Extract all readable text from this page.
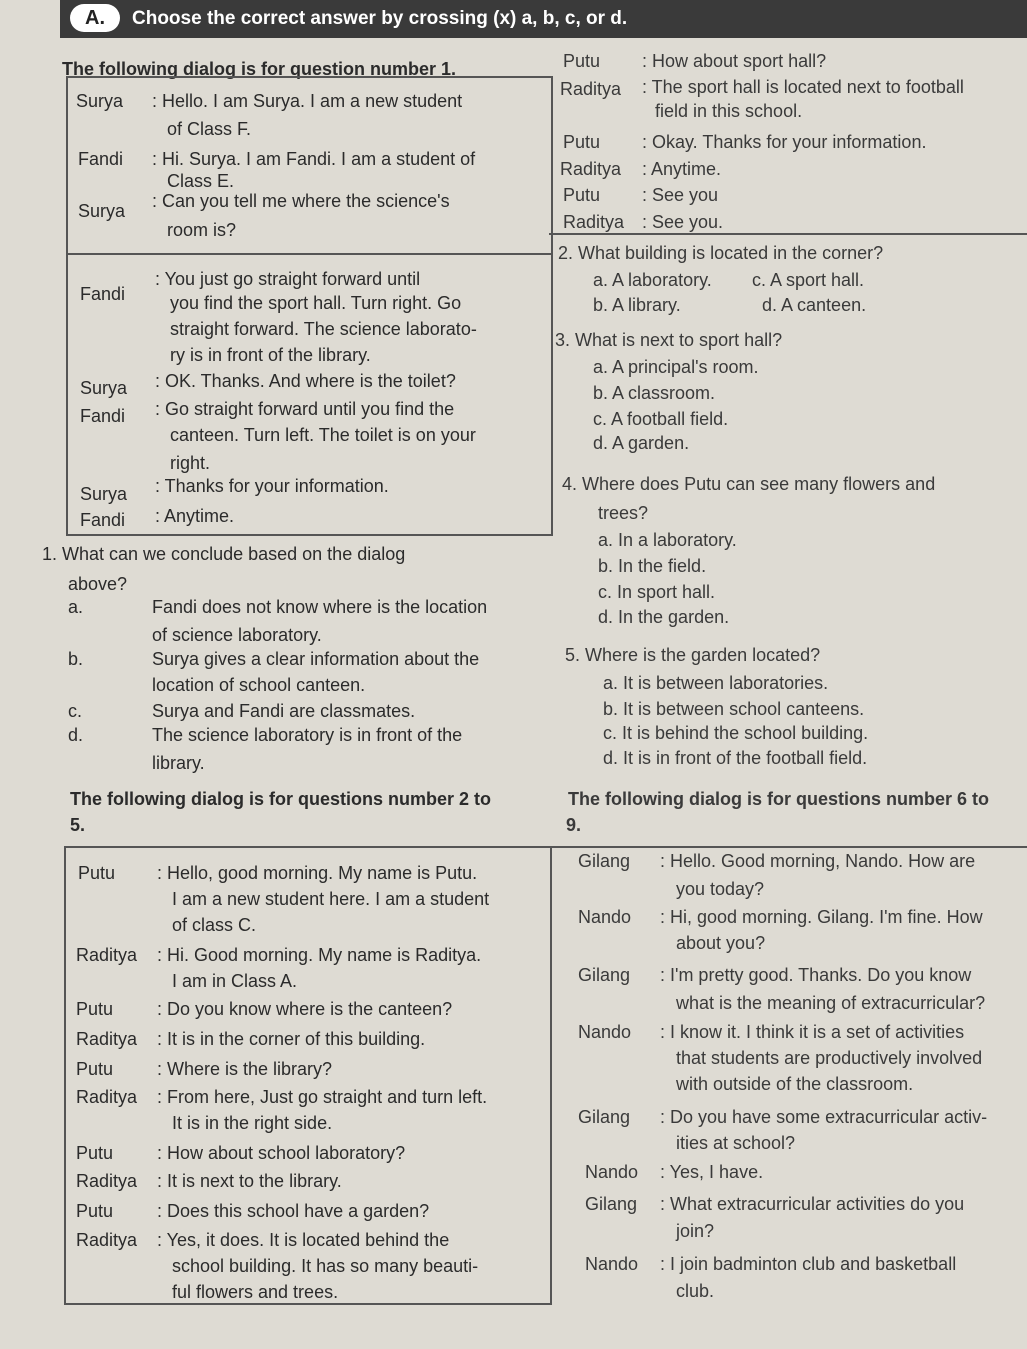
A.	Choose the correct answer by crossing (x) a, b, c, or d.
The following dialog is for question number 1.
Surya : Hello. I am Surya. I am a new student
of Class F.
Fandi : Hi. Surya. I am Fandi. I am a student of
Class E.
Surya : Can you tell me where the science's
room is?
Fandi
: You just go straight forward until
you find the sport hall. Turn right. Go
straight forward. The science laborato-
ry is in front of the library.
Surya : OK. Thanks. And where is the toilet?
Fandi : Go straight forward until you find the
canteen. Turn left. The toilet is on your
right.
Surya : Thanks for your information.
Fandi : Anytime.
1. What can we conclude based on the dialog
above?
a.	Fandi does not know where is the location
of science laboratory.
b.	Surya gives a clear information about the
location of school canteen.
c.	Surya and Fandi are classmates.
d.	The science laboratory is in front of the
library.
The following dialog is for questions number 2 to
5.
Putu : Hello, good morning. My name is Putu.
I am a new student here. I am a student
of class C.
Raditya : Hi. Good morning. My name is Raditya.
I am in Class A.
Putu : Do you know where is the canteen?
Raditya : It is in the corner of this building.
Putu : Where is the library?
Raditya : From here, Just go straight and turn left.
It is in the right side.
Putu : How about school laboratory?
Raditya : It is next to the library.
Putu : Does this school have a garden?
Raditya : Yes, it does. It is located behind the
school building. It has so many beauti-
ful flowers and trees.
Putu : How about sport hall?
Raditya : The sport hall is located next to football
field in this school.
Putu : Okay. Thanks for your information.
Raditya : Anytime.
Putu : See you
Raditya : See you.
2. What building is located in the corner?
a. A laboratory. c. A sport hall.
b. A library.	d. A canteen.
3. What is next to sport hall?
a. A principal's room.
b. A classroom.
c. A football field.
d. A garden.
4. Where does Putu can see many flowers and
trees?
a. In a laboratory.
b. In the field.
c. In sport hall.
d. In the garden.
5. Where is the garden located?
a. It is between laboratories.
b. It is between school canteens.
c. It is behind the school building.
d. It is in front of the football field.
The following dialog is for questions number 6 to
9.
Gilang : Hello. Good morning, Nando. How are
you today?
Nando : Hi, good morning. Gilang. I'm fine. How
about you?
Gilang : I'm pretty good. Thanks. Do you know
what is the meaning of extracurricular?
Nando : I know it. I think it is a set of activities
that students are productively involved
with outside of the classroom.
Gilang : Do you have some extracurricular activ-
ities at school?
Nando : Yes, I have.
Gilang : What extracurricular activities do you
join?
Nando : I join badminton club and basketball
club.
